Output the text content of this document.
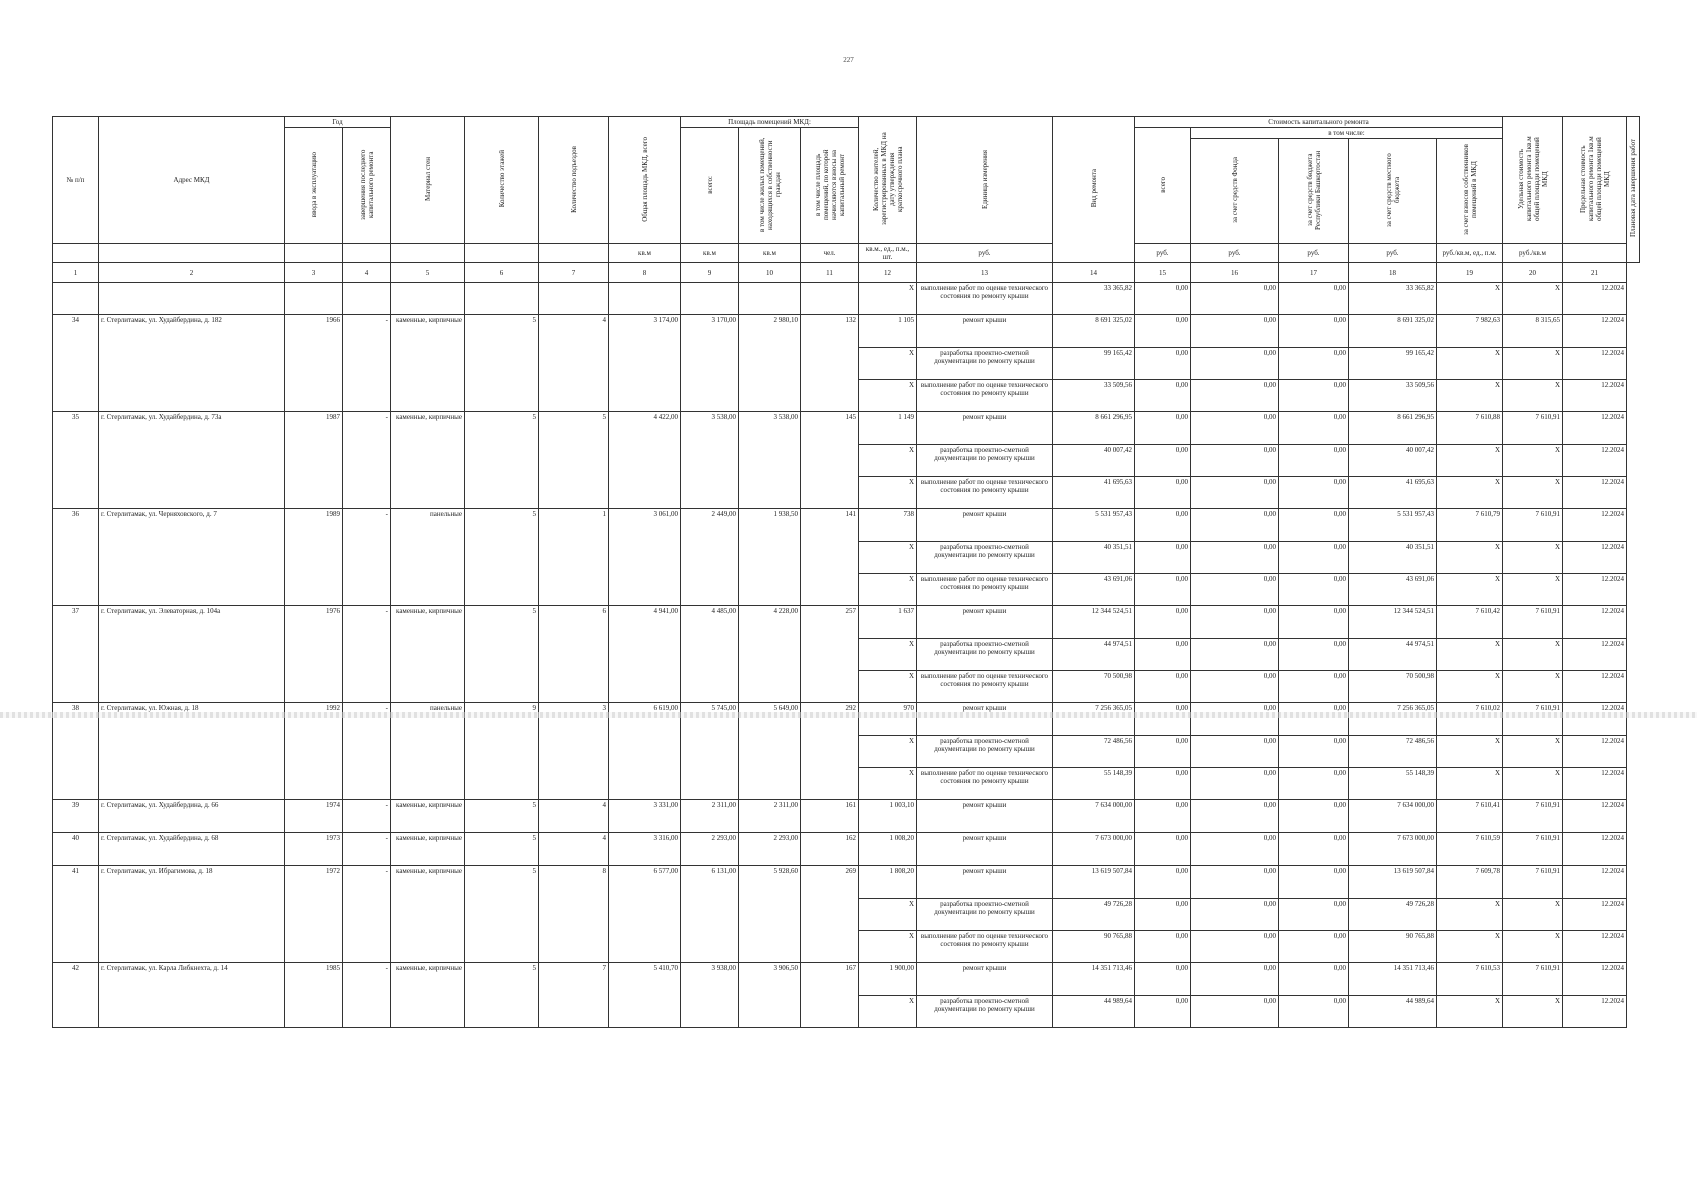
227
№ п/п	Адрес МКД	Год		Материал стен	Количество этажей	Количество подъездов	Общая площадь МКД, всего	Площадь помещений МКД:			Количество жителей, зарегистрированных в МКД на дату утверждения краткосрочного плана	Единица измерения	Вид ремонта	Стоимость капитального ремонта					Удельная стоимость капитального ремонта 1кв.м общей площади помещений МКД	Предельная стоимость капитального ремонта 1кв.м общей площади помещений МКД	Плановая дата завершения работ
		ввода в эксплуатацию	завершения последнего капитального ремонта					всего:	в том числе жилых помещений, находящихся в собственности граждан	в том числе площадь помещений, по которой начисляются взносы на капитальный ремонт				всего	в том числе:						
															за счет средств Фонда	за счет средств бюджета Республики Башкортостан	за счет средств местного бюджета	за счет взносов собственников помещений в МКД			
							кв.м	кв.м	кв.м	чел.	кв.м., ед., п.м., шт.	руб.		руб.	руб.	руб.	руб.	руб./кв.м, ед., п.м.	руб./кв.м		
1	2	3	4	5	6	7	8	9	10	11	12	13	14	15	16	17	18	19	20	21	
											X	выполнение работ по оценке технического состояния по ремонту крыши	33 365,82	0,00	0,00	0,00	33 365,82	X	X	12.2024	
34	г. Стерлитамак, ул. Худайбердина, д. 182	1966	-	каменные, кирпичные	5	4	3 174,00	3 170,00	2 980,10	132	1 105	ремонт крыши	8 691 325,02	0,00	0,00	0,00	8 691 325,02	7 982,63	8 315,65	12.2024	
											X	разработка проектно-сметной документации по ремонту крыши	99 165,42	0,00	0,00	0,00	99 165,42	X	X	12.2024	
											X	выполнение работ по оценке технического состояния по ремонту крыши	33 509,56	0,00	0,00	0,00	33 509,56	X	X	12.2024	
35	г. Стерлитамак, ул. Худайбердина, д. 73а	1987	-	каменные, кирпичные	5	5	4 422,00	3 538,00	3 538,00	145	1 149	ремонт крыши	8 661 296,95	0,00	0,00	0,00	8 661 296,95	7 610,88	7 610,91	12.2024	
											X	разработка проектно-сметной документации по ремонту крыши	40 007,42	0,00	0,00	0,00	40 007,42	X	X	12.2024	
											X	выполнение работ по оценке технического состояния по ремонту крыши	41 695,63	0,00	0,00	0,00	41 695,63	X	X	12.2024	
36	г. Стерлитамак, ул. Черняховского, д. 7	1989	-	панельные	5	1	3 061,00	2 449,00	1 938,50	141	738	ремонт крыши	5 531 957,43	0,00	0,00	0,00	5 531 957,43	7 610,79	7 610,91	12.2024	
											X	разработка проектно-сметной документации по ремонту крыши	40 351,51	0,00	0,00	0,00	40 351,51	X	X	12.2024	
											X	выполнение работ по оценке технического состояния по ремонту крыши	43 691,06	0,00	0,00	0,00	43 691,06	X	X	12.2024	
37	г. Стерлитамак, ул. Элеваторная, д. 104а	1976	-	каменные, кирпичные	5	6	4 941,00	4 485,00	4 228,00	257	1 637	ремонт крыши	12 344 524,51	0,00	0,00	0,00	12 344 524,51	7 610,42	7 610,91	12.2024	
											X	разработка проектно-сметной документации по ремонту крыши	44 974,51	0,00	0,00	0,00	44 974,51	X	X	12.2024	
											X	выполнение работ по оценке технического состояния по ремонту крыши	70 500,98	0,00	0,00	0,00	70 500,98	X	X	12.2024	
38	г. Стерлитамак, ул. Южная, д. 18	1992	-	панельные	9	3	6 619,00	5 745,00	5 649,00	292	970	ремонт крыши	7 256 365,05	0,00	0,00	0,00	7 256 365,05	7 610,02	7 610,91	12.2024	
											X	разработка проектно-сметной документации по ремонту крыши	72 486,56	0,00	0,00	0,00	72 486,56	X	X	12.2024	
											X	выполнение работ по оценке технического состояния по ремонту крыши	55 148,39	0,00	0,00	0,00	55 148,39	X	X	12.2024	
39	г. Стерлитамак, ул. Худайбердина, д. 66	1974	-	каменные, кирпичные	5	4	3 331,00	2 311,00	2 311,00	161	1 003,10	ремонт крыши	7 634 000,00	0,00	0,00	0,00	7 634 000,00	7 610,41	7 610,91	12.2024	
40	г. Стерлитамак, ул. Худайбердина, д. 68	1973	-	каменные, кирпичные	5	4	3 316,00	2 293,00	2 293,00	162	1 008,20	ремонт крыши	7 673 000,00	0,00	0,00	0,00	7 673 000,00	7 610,59	7 610,91	12.2024	
41	г. Стерлитамак, ул. Ибрагимова, д. 18	1972	-	каменные, кирпичные	5	8	6 577,00	6 131,00	5 928,60	269	1 808,20	ремонт крыши	13 619 507,84	0,00	0,00	0,00	13 619 507,84	7 609,78	7 610,91	12.2024	
											X	разработка проектно-сметной документации по ремонту крыши	49 726,28	0,00	0,00	0,00	49 726,28	X	X	12.2024	
											X	выполнение работ по оценке технического состояния по ремонту крыши	90 765,88	0,00	0,00	0,00	90 765,88	X	X	12.2024	
42	г. Стерлитамак, ул. Карла Либкнехта, д. 14	1985	-	каменные, кирпичные	5	7	5 410,70	3 938,00	3 906,50	167	1 900,00	ремонт крыши	14 351 713,46	0,00	0,00	0,00	14 351 713,46	7 610,53	7 610,91	12.2024	
											X	разработка проектно-сметной документации по ремонту крыши	44 989,64	0,00	0,00	0,00	44 989,64	X	X	12.2024	
